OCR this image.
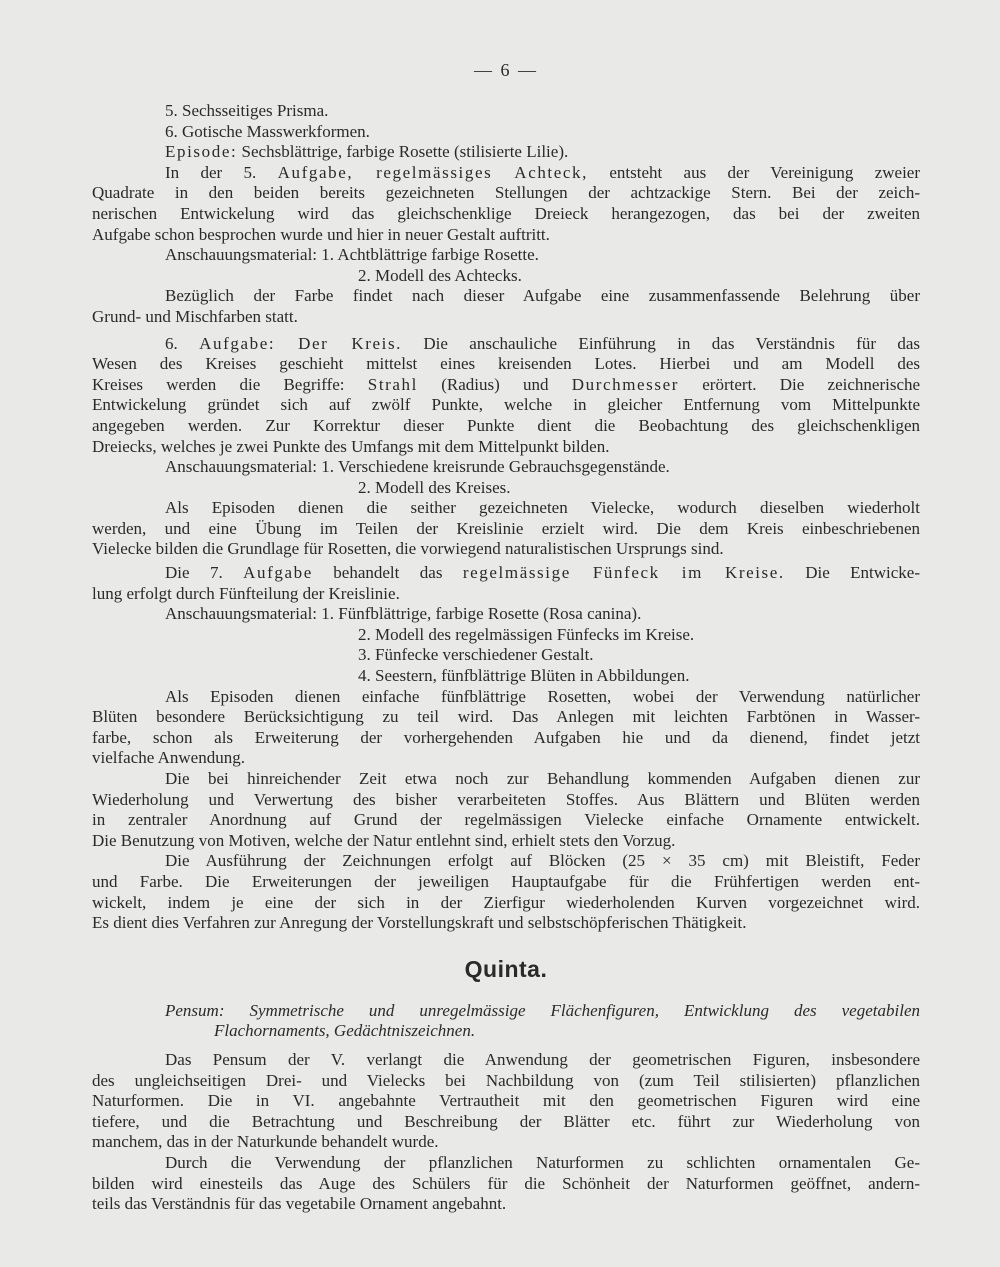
— 6 —
5. Sechsseitiges Prisma.
6. Gotische Masswerkformen.
Episode: Sechsblättrige, farbige Rosette (stilisierte Lilie).
In der 5. Aufgabe, regelmässiges Achteck, entsteht aus der Vereinigung zweier
Quadrate in den beiden bereits gezeichneten Stellungen der achtzackige Stern. Bei der zeich-
nerischen Entwickelung wird das gleichschenklige Dreieck herangezogen, das bei der zweiten
Aufgabe schon besprochen wurde und hier in neuer Gestalt auftritt.
Anschauungsmaterial: 1. Achtblättrige farbige Rosette.
2. Modell des Achtecks.
Bezüglich der Farbe findet nach dieser Aufgabe eine zusammenfassende Belehrung über
Grund- und Mischfarben statt.
6. Aufgabe: Der Kreis. Die anschauliche Einführung in das Verständnis für das
Wesen des Kreises geschieht mittelst eines kreisenden Lotes. Hierbei und am Modell des
Kreises werden die Begriffe: Strahl (Radius) und Durchmesser erörtert. Die zeichnerische
Entwickelung gründet sich auf zwölf Punkte, welche in gleicher Entfernung vom Mittelpunkte
angegeben werden. Zur Korrektur dieser Punkte dient die Beobachtung des gleichschenkligen
Dreiecks, welches je zwei Punkte des Umfangs mit dem Mittelpunkt bilden.
Anschauungsmaterial: 1. Verschiedene kreisrunde Gebrauchsgegenstände.
2. Modell des Kreises.
Als Episoden dienen die seither gezeichneten Vielecke, wodurch dieselben wiederholt
werden, und eine Übung im Teilen der Kreislinie erzielt wird. Die dem Kreis einbeschriebenen
Vielecke bilden die Grundlage für Rosetten, die vorwiegend naturalistischen Ursprungs sind.
Die 7. Aufgabe behandelt das regelmässige Fünfeck im Kreise. Die Entwicke-
lung erfolgt durch Fünfteilung der Kreislinie.
Anschauungsmaterial: 1. Fünfblättrige, farbige Rosette (Rosa canina).
2. Modell des regelmässigen Fünfecks im Kreise.
3. Fünfecke verschiedener Gestalt.
4. Seestern, fünfblättrige Blüten in Abbildungen.
Als Episoden dienen einfache fünfblättrige Rosetten, wobei der Verwendung natürlicher
Blüten besondere Berücksichtigung zu teil wird. Das Anlegen mit leichten Farbtönen in Wasser-
farbe, schon als Erweiterung der vorhergehenden Aufgaben hie und da dienend, findet jetzt
vielfache Anwendung.
Die bei hinreichender Zeit etwa noch zur Behandlung kommenden Aufgaben dienen zur
Wiederholung und Verwertung des bisher verarbeiteten Stoffes. Aus Blättern und Blüten werden
in zentraler Anordnung auf Grund der regelmässigen Vielecke einfache Ornamente entwickelt.
Die Benutzung von Motiven, welche der Natur entlehnt sind, erhielt stets den Vorzug.
Die Ausführung der Zeichnungen erfolgt auf Blöcken (25 × 35 cm) mit Bleistift, Feder
und Farbe. Die Erweiterungen der jeweiligen Hauptaufgabe für die Frühfertigen werden ent-
wickelt, indem je eine der sich in der Zierfigur wiederholenden Kurven vorgezeichnet wird.
Es dient dies Verfahren zur Anregung der Vorstellungskraft und selbstschöpferischen Thätigkeit.
Quinta.
Pensum: Symmetrische und unregelmässige Flächenfiguren, Entwicklung des vegetabilen
Flachornaments, Gedächtniszeichnen.
Das Pensum der V. verlangt die Anwendung der geometrischen Figuren, insbesondere
des ungleichseitigen Drei- und Vielecks bei Nachbildung von (zum Teil stilisierten) pflanzlichen
Naturformen. Die in VI. angebahnte Vertrautheit mit den geometrischen Figuren wird eine
tiefere, und die Betrachtung und Beschreibung der Blätter etc. führt zur Wiederholung von
manchem, das in der Naturkunde behandelt wurde.
Durch die Verwendung der pflanzlichen Naturformen zu schlichten ornamentalen Ge-
bilden wird einesteils das Auge des Schülers für die Schönheit der Naturformen geöffnet, andern-
teils das Verständnis für das vegetabile Ornament angebahnt.
